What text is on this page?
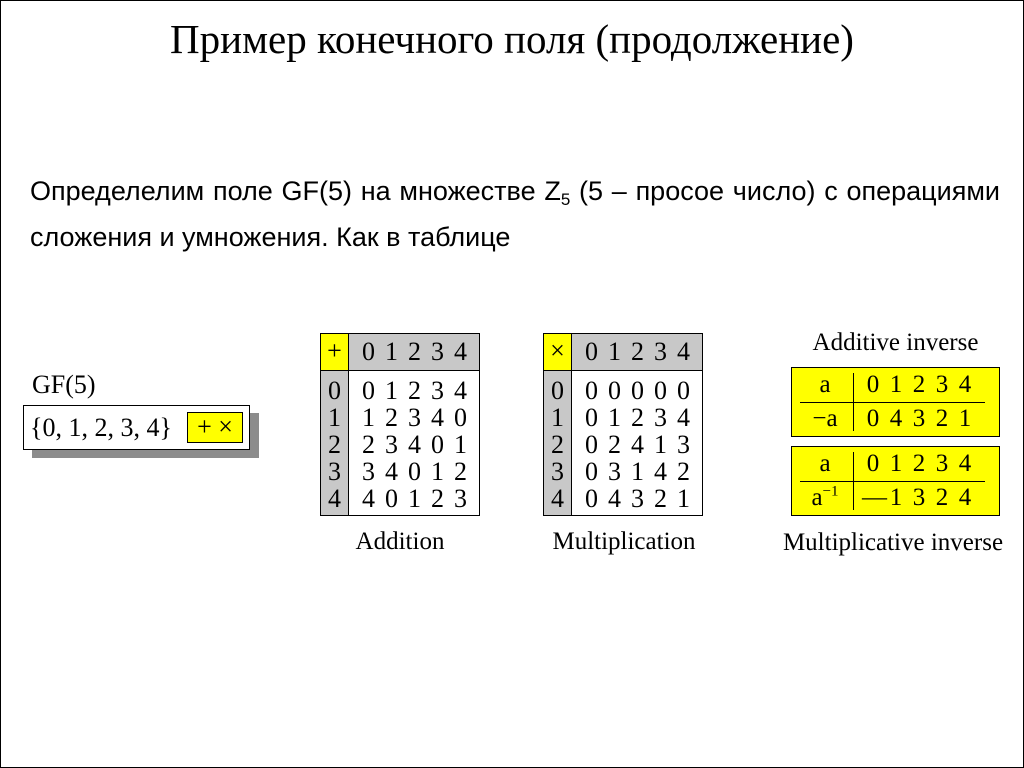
Пример конечного поля (продолжение)
Определелим поле GF(5) на множестве $Z_5$ (5 – просое число) с операциями сложения и умножения. Как в таблице
GF(5)
{0, 1, 2, 3, 4} + ×
+ 0 1 2 3 4
0 0 1 2 3 4
1 1 2 3 4 0
2 2 3 4 0 1
3 3 4 0 1 2
4 4 0 1 2 3
Addition
× 0 1 2 3 4
0 0 0 0 0 0
1 0 1 2 3 4
2 0 2 4 1 3
3 0 3 1 4 2
4 0 4 3 2 1
Multiplication
Additive inverse
a
−a
0 1 2 3 4
0 4 3 2 1
a
$a^{-1}$
0 1 2 3 4
— 1 3 2 4
Multiplicative inverse
